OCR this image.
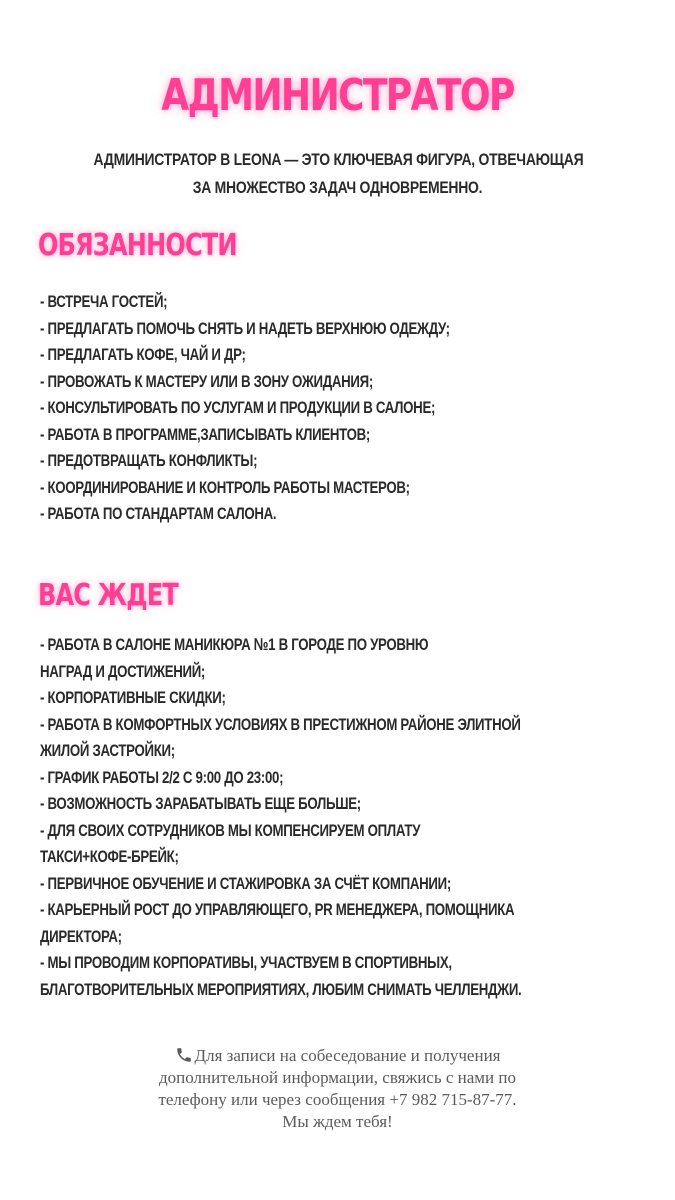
АДМИНИСТРАТОР
АДМИНИСТРАТОР В LEONA — ЭТО КЛЮЧЕВАЯ ФИГУРА, ОТВЕЧАЮЩАЯ
ЗА МНОЖЕСТВО ЗАДАЧ ОДНОВРЕМЕННО.
ОБЯЗАННОСТИ
- ВСТРЕЧА ГОСТЕЙ;
- ПРЕДЛАГАТЬ ПОМОЧЬ СНЯТЬ И НАДЕТЬ ВЕРХНЮЮ ОДЕЖДУ;
- ПРЕДЛАГАТЬ КОФЕ, ЧАЙ И ДР;
- ПРОВОЖАТЬ К МАСТЕРУ ИЛИ В ЗОНУ ОЖИДАНИЯ;
- КОНСУЛЬТИРОВАТЬ ПО УСЛУГАМ И ПРОДУКЦИИ В САЛОНЕ;
- РАБОТА В ПРОГРАММЕ,ЗАПИСЫВАТЬ КЛИЕНТОВ;
- ПРЕДОТВРАЩАТЬ КОНФЛИКТЫ;
- КООРДИНИРОВАНИЕ И КОНТРОЛЬ РАБОТЫ МАСТЕРОВ;
- РАБОТА ПО СТАНДАРТАМ САЛОНА.
ВАС ЖДЕТ
- РАБОТА В САЛОНЕ МАНИКЮРА №1 В ГОРОДЕ ПО УРОВНЮ
НАГРАД И ДОСТИЖЕНИЙ;
- КОРПОРАТИВНЫЕ СКИДКИ;
- РАБОТА В КОМФОРТНЫХ УСЛОВИЯХ В ПРЕСТИЖНОМ РАЙОНЕ ЭЛИТНОЙ
ЖИЛОЙ ЗАСТРОЙКИ;
- ГРАФИК РАБОТЫ 2/2 С 9:00 ДО 23:00;
- ВОЗМОЖНОСТЬ ЗАРАБАТЫВАТЬ ЕЩЕ БОЛЬШЕ;
- ДЛЯ СВОИХ СОТРУДНИКОВ МЫ КОМПЕНСИРУЕМ ОПЛАТУ
ТАКСИ+КОФЕ-БРЕЙК;
- ПЕРВИЧНОЕ ОБУЧЕНИЕ И СТАЖИРОВКА ЗА СЧЁТ КОМПАНИИ;
- КАРЬЕРНЫЙ РОСТ ДО УПРАВЛЯЮЩЕГО, PR МЕНЕДЖЕРА, ПОМОЩНИКА
ДИРЕКТОРА;
- МЫ ПРОВОДИМ КОРПОРАТИВЫ, УЧАСТВУЕМ В СПОРТИВНЫХ,
БЛАГОТВОРИТЕЛЬНЫХ МЕРОПРИЯТИЯХ, ЛЮБИМ СНИМАТЬ ЧЕЛЛЕНДЖИ.
Для записи на собеседование и получения
дополнительной информации, свяжись с нами по
телефону или через сообщения +7 982 715-87-77.
Мы ждем тебя!
